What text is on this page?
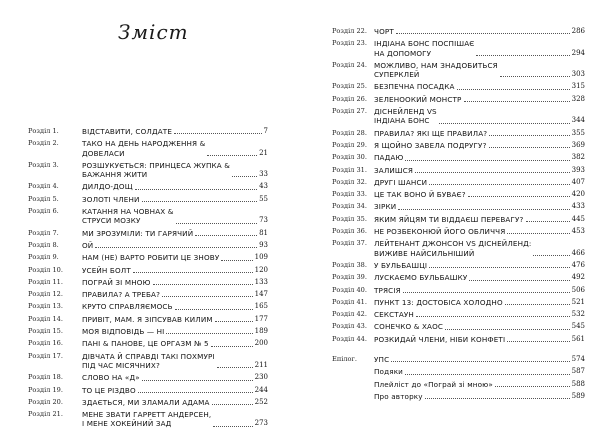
Зміст
Розділ 1.	ВІДСТАВИТИ, СОЛДАТЕ	7
Розділ 2.	ТАКО НА ДЕНЬ НАРОДЖЕННЯ &
ДОВЕЛАСИ	21
Розділ 3.	РОЗШУКУЄТЬСЯ: ПРИНЦЕСА ЖУПКА &
БАЖАННЯ ЖИТИ	33
Розділ 4.	ДИЛДО-ДОЩ	43
Розділ 5.	ЗОЛОТІ ЧЛЕНИ	55
Розділ 6.	КАТАННЯ НА ЧОВНАХ &
СТРУСИ МОЗКУ	73
Розділ 7.	МИ ЗРОЗУМІЛИ: ТИ ГАРЯЧИЙ	81
Розділ 8.	ОЙ	93
Розділ 9.	НАМ (НЕ) ВАРТО РОБИТИ ЦЕ ЗНОВУ	109
Розділ 10.	УСЕЙН БОЛТ	120
Розділ 11.	ПОГРАЙ ЗІ МНОЮ	133
Розділ 12.	ПРАВИЛА? А ТРЕБА?	147
Розділ 13.	КРУТО СПРАВЛЯЄМОСЬ	165
Розділ 14.	ПРИВІТ, МАМ. Я ЗІПСУВАВ КИЛИМ	177
Розділ 15.	МОЯ ВІДПОВІДЬ — НІ	189
Розділ 16.	ПАНІ & ПАНОВЕ, ЦЕ ОРГАЗМ № 5	200
Розділ 17.	ДІВЧАТА Й СПРАВДІ ТАКІ ПОХМУРІ
ПІД ЧАС МІСЯЧНИХ?	211
Розділ 18.	СЛОВО НА «Д»	230
Розділ 19.	ТО ЦЕ РІЗДВО	244
Розділ 20.	ЗДАЄТЬСЯ, МИ ЗЛАМАЛИ АДАМА	252
Розділ 21.	МЕНЕ ЗВАТИ ГАРРЕТТ АНДЕРСЕН,
І МЕНЕ ХОКЕЙНИЙ ЗАД	273
Розділ 22. ЧОРТ	286
Розділ 23. ІНДІАНА БОНС ПОСПІШАЄ
НА ДОПОМОГУ	294
Розділ 24. МОЖЛИВО, НАМ ЗНАДОБИТЬСЯ
СУПЕРКЛЕЙ	303
Розділ 25. БЕЗПЕЧНА ПОСАДКА	315
Розділ 26. ЗЕЛЕНООКИЙ МОНСТР	328
Розділ 27. ДІСНЕЙЛЕНД VS
ІНДІАНА БОНС	344
Розділ 28. ПРАВИЛА? ЯКІ ЩЕ ПРАВИЛА?	355
Розділ 29. Я ЩОЙНО ЗАВЕЛА ПОДРУГУ?	369
Розділ 30. ПАДАЮ	382
Розділ 31. ЗАЛИШСЯ	393
Розділ 32. ДРУГІ ШАНСИ	407
Розділ 33. ЦЕ ТАК ВОНО Й БУВАЄ?	420
Розділ 34. ЗІРКИ	433
Розділ 35. ЯКИМ ЯЙЦЯМ ТИ ВІДДАЄШ ПЕРЕВАГУ?	445
Розділ 36. НЕ РОЗБЕКОНЮЙ ЙОГО ОБЛИЧЧЯ	453
Розділ 37. ЛЕЙТЕНАНТ ДЖОНСОН VS ДІСНЕЙЛЕНД:
ВИЖИВЕ НАЙСИЛЬНІШИЙ	466
Розділ 38. У БУЛЬБАШЦІ	476
Розділ 39. ЛУСКАЄМО БУЛЬБАШКУ	492
Розділ 40. ТРЯСІЯ	506
Розділ 41. ПУНКТ 13: ДОСТОБІСА ХОЛОДНО	521
Розділ 42. СЕКСТАУН	532
Розділ 43. СОНЕЧКО & ХАОС	545
Розділ 44. РОЗКИДАЙ ЧЛЕНИ, НІБИ КОНФЕТІ	561
Епілог.	УПС	574
Подяки	587
Плейліст до «Пограй зі мною»	588
Про авторку	589
